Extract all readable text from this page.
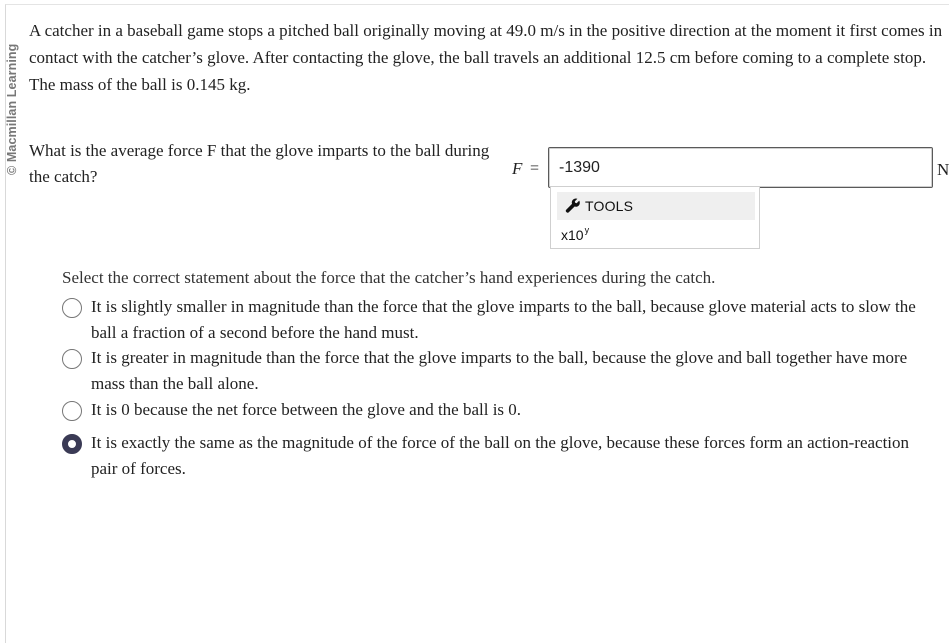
© Macmillan Learning

A catcher in a baseball game stops a pitched ball originally moving at 49.0 m/s in the positive direction at the moment it first comes in contact with the catcher’s glove. After contacting the glove, the ball travels an additional 12.5 cm before coming to a complete stop. The mass of the ball is 0.145 kg.

What is the average force F that the glove imparts to the ball during the catch?	F =
-1390	N
TOOLS
x10$^y$

Select the correct statement about the force that the catcher’s hand experiences during the catch.

It is slightly smaller in magnitude than the force that the glove imparts to the ball, because glove material acts to slow the ball a fraction of a second before the hand must.
It is greater in magnitude than the force that the glove imparts to the ball, because the glove and ball together have more mass than the ball alone.
It is 0 because the net force between the glove and the ball is 0.
It is exactly the same as the magnitude of the force of the ball on the glove, because these forces form an action-reaction pair of forces.
